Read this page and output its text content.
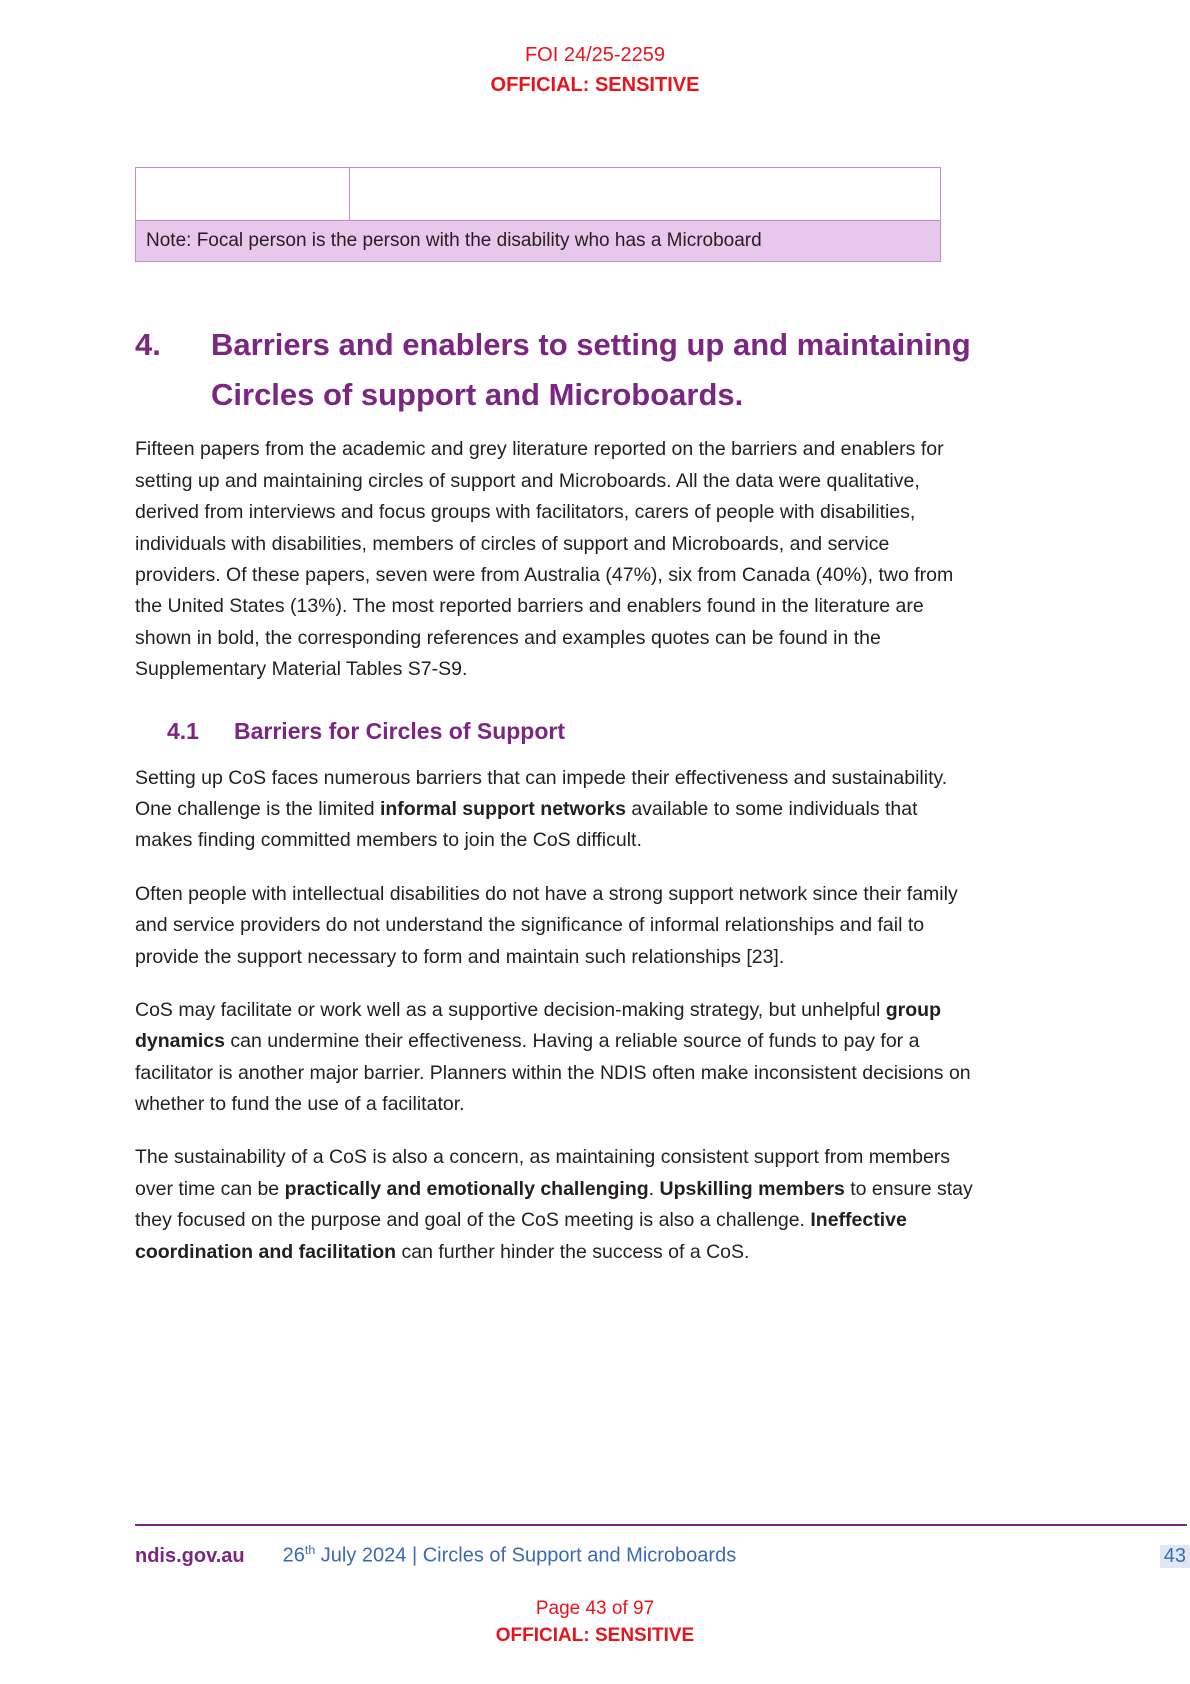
FOI 24/25-2259
OFFICIAL: SENSITIVE

Note: Focal person is the person with the disability who has a Microboard
4.	Barriers and enablers to setting up and maintaining Circles of support and Microboards.

Fifteen papers from the academic and grey literature reported on the barriers and enablers for setting up and maintaining circles of support and Microboards. All the data were qualitative, derived from interviews and focus groups with facilitators, carers of people with disabilities, individuals with disabilities, members of circles of support and Microboards, and service providers. Of these papers, seven were from Australia (47%), six from Canada (40%), two from the United States (13%). The most reported barriers and enablers found in the literature are shown in bold, the corresponding references and examples quotes can be found in the Supplementary Material Tables S7-S9.

4.1	Barriers for Circles of Support

Setting up CoS faces numerous barriers that can impede their effectiveness and sustainability. One challenge is the limited informal support networks available to some individuals that makes finding committed members to join the CoS difficult.

Often people with intellectual disabilities do not have a strong support network since their family and service providers do not understand the significance of informal relationships and fail to provide the support necessary to form and maintain such relationships [23].

CoS may facilitate or work well as a supportive decision-making strategy, but unhelpful group dynamics can undermine their effectiveness. Having a reliable source of funds to pay for a facilitator is another major barrier. Planners within the NDIS often make inconsistent decisions on whether to fund the use of a facilitator.

The sustainability of a CoS is also a concern, as maintaining consistent support from members over time can be practically and emotionally challenging. Upskilling members to ensure stay they focused on the purpose and goal of the CoS meeting is also a challenge. Ineffective coordination and facilitation can further hinder the success of a CoS.

ndis.gov.au 26th July 2024 | Circles of Support and Microboards	43
Page 43 of 97
OFFICIAL: SENSITIVE
